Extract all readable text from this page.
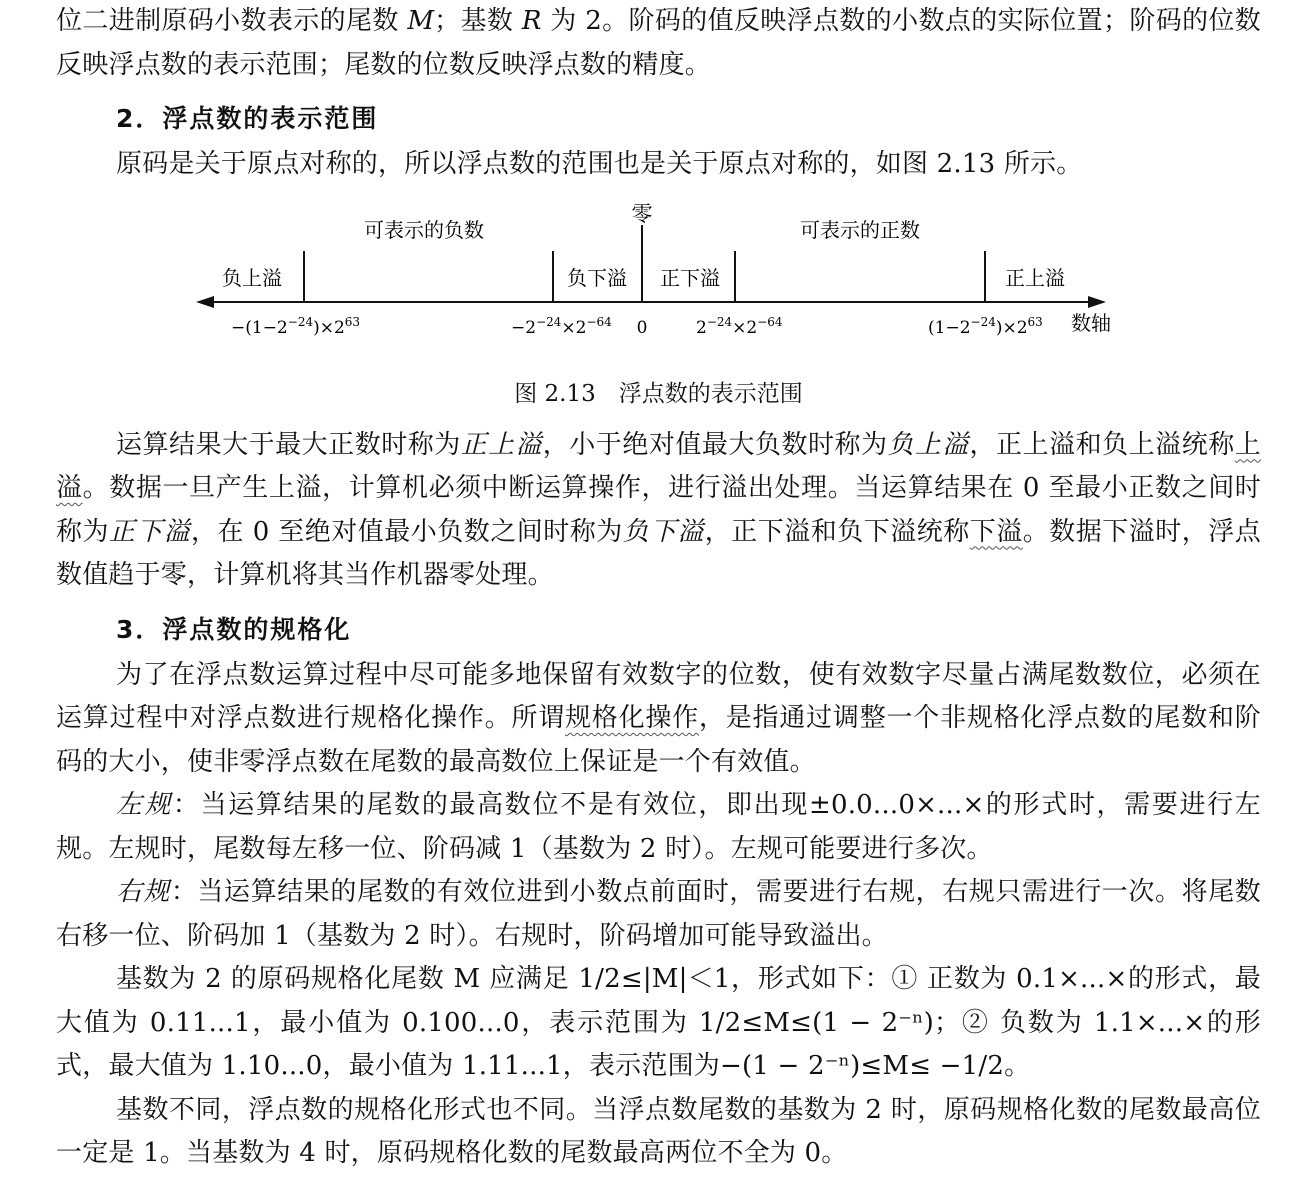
位二进制原码小数表示的尾数 M；基数 R 为 2。阶码的值反映浮点数的小数点的实际位置；阶码的位数反映浮点数的表示范围；尾数的位数反映浮点数的精度。

2．浮点数的表示范围

原码是关于原点对称的，所以浮点数的范围也是关于原点对称的，如图 2.13 所示。

零
可表示的负数	可表示的正数
负上溢	负下溢 正下溢	正上溢
$-(1-2^{-24})\times 2^{63}$	$-2^{-24}\times 2^{-64}$ 0	$2^{-24}\times 2^{-64}$	$(1-2^{-24})\times 2^{63}$ 数轴
图 2.13　浮点数的表示范围

运算结果大于最大正数时称为正上溢，小于绝对值最大负数时称为负上溢，正上溢和负上溢统称上溢。数据一旦产生上溢，计算机必须中断运算操作，进行溢出处理。当运算结果在 0 至最小正数之间时称为正下溢，在 0 至绝对值最小负数之间时称为负下溢，正下溢和负下溢统称下溢。数据下溢时，浮点数值趋于零，计算机将其当作机器零处理。

3．浮点数的规格化

为了在浮点数运算过程中尽可能多地保留有效数字的位数，使有效数字尽量占满尾数数位，必须在运算过程中对浮点数进行规格化操作。所谓规格化操作，是指通过调整一个非规格化浮点数的尾数和阶码的大小，使非零浮点数在尾数的最高数位上保证是一个有效值。

左规：当运算结果的尾数的最高数位不是有效位，即出现±0.0...0×...×的形式时，需要进行左规。左规时，尾数每左移一位、阶码减 1（基数为 2 时）。左规可能要进行多次。

右规：当运算结果的尾数的有效位进到小数点前面时，需要进行右规，右规只需进行一次。将尾数右移一位、阶码加 1（基数为 2 时）。右规时，阶码增加可能导致溢出。

基数为 2 的原码规格化尾数 M 应满足 1/2≤|M|＜1，形式如下：① 正数为 0.1×...×的形式，最大值为 0.11...1，最小值为 0.100...0，表示范围为 1/2≤M≤(1 − 2⁻ⁿ)；② 负数为 1.1×...×的形式，最大值为 1.10...0，最小值为 1.11...1，表示范围为−(1 − 2⁻ⁿ)≤M≤ −1/2。

基数不同，浮点数的规格化形式也不同。当浮点数尾数的基数为 2 时，原码规格化数的尾数最高位一定是 1。当基数为 4 时，原码规格化数的尾数最高两位不全为 0。
